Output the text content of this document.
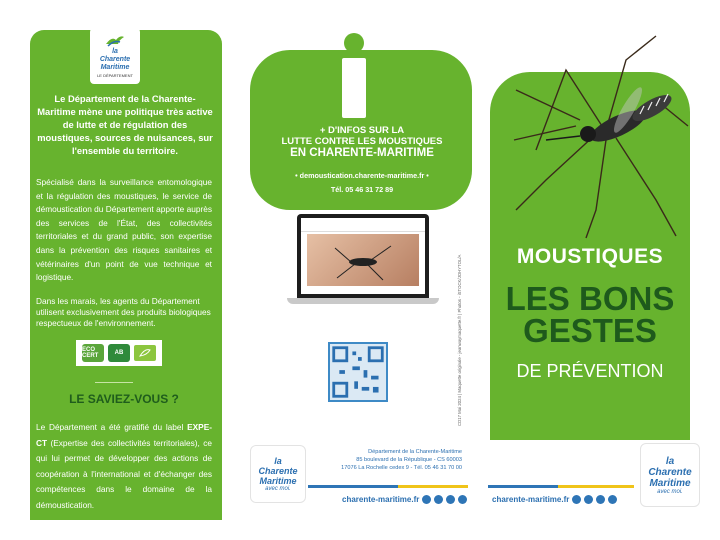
la
Charente
Maritime
LE DÉPARTEMENT
Le Département de la Charente-Maritime mène une politique très active de lutte et de régulation des moustiques, sources de nuisances, sur l'ensemble du territoire.
Spécialisé dans la surveillance entomologique et la régulation des moustiques, le service de démoustication du Département apporte auprès des services de l'État, des collectivités territoriales et du grand public, son expertise dans la prévention des risques sanitaires et vétérinaires d'un point de vue technique et logistique.
Dans les marais, les agents du Département utilisent exclusivement des produits biologiques respectueux de l'environnement.
ECO CERT	AB
LE SAVIEZ-VOUS ?
Le Département a été gratifié du label EXPE-CT (Expertise des collectivités territoriales), ce qui lui permet de développer des actions de coopération à l'international et d'échanger des compétences dans le domaine de la démoustication.
+ D'INFOS SUR LA
LUTTE CONTRE LES MOUSTIQUES
EN CHARENTE-MARITIME
• demoustication.charente-maritime.fr •
Tél. 05 46 31 72 89
CD17 Mai 2024 | Maquette originale - jeanwaymaquette.fr | Photos - iSTOCK/JOHYTOL/A
la
Charente
Maritime
avec moi.
Département de la Charente-Maritime
85 boulevard de la République - CS 60003
17076 La Rochelle cedex 9 - Tél. 05 46 31 70 00
charente-maritime.fr
MOUSTIQUES
LES BONS
GESTES
DE PRÉVENTION
charente-maritime.fr
la
Charente
Maritime
avec moi.
